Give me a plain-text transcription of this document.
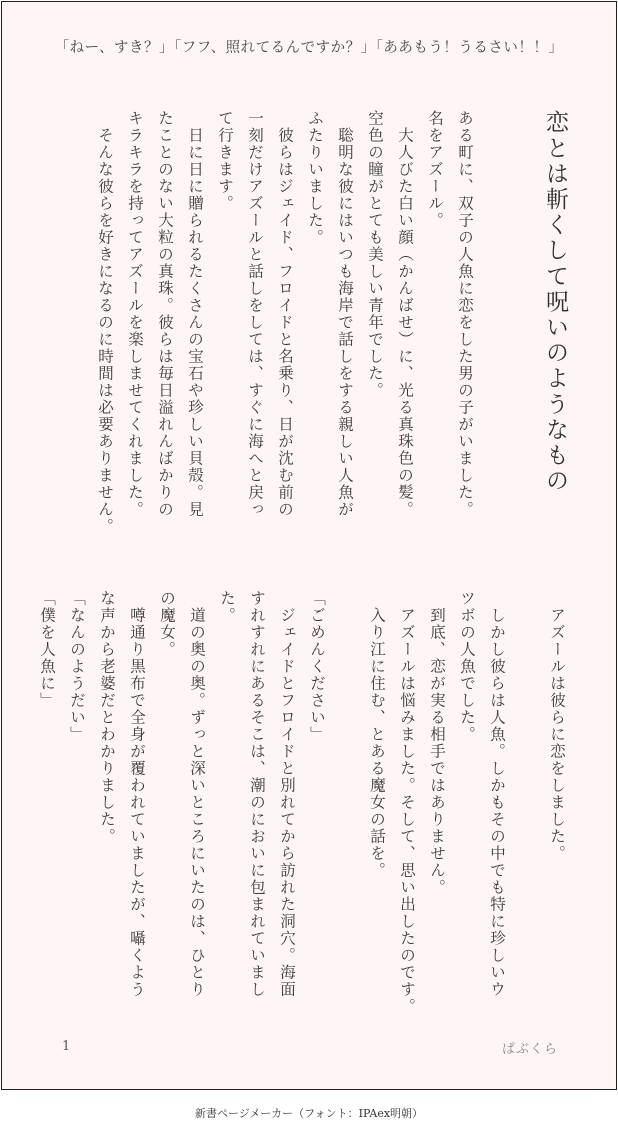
「ねー、すき？」「フフ、照れてるんですか？」「ああもう！うるさい！！」
恋とは斬くして呪いのようなもの
ある町に、双子の人魚に恋をした男の子がいました。
名をアズール。
　大人びた白い顔（かんばせ）に、光る真珠色の髪。
空色の瞳がとても美しい青年でした。
　聡明な彼にはいつも海岸で話しをする親しい人魚が
ふたりいました。
　彼らはジェイド、フロイドと名乗り、日が沈む前の
一刻だけアズールと話しをしては、すぐに海へと戻っ
て行きます。
　日に日に贈られるたくさんの宝石や珍しい貝殻。見
たことのない大粒の真珠。彼らは毎日溢れんばかりの
キラキラを持ってアズールを楽しませてくれました。
　そんな彼らを好きになるのに時間は必要ありません。
　アズールは彼らに恋をしました。
　しかし彼らは人魚。しかもその中でも特に珍しいウ
ツボの人魚でした。
　到底、恋が実る相手ではありません。
　アズールは悩みました。そして、思い出したのです。
　入り江に住む、とある魔女の話を。
「ごめんください」
　ジェイドとフロイドと別れてから訪れた洞穴。海面
すれすれにあるそこは、潮のにおいに包まれていまし
た。
　道の奥の奥。ずっと深いところにいたのは、ひとり
の魔女。
　噂通り黒布で全身が覆われていましたが、囁くよう
な声から老婆だとわかりました。
「なんのようだい」
「僕を人魚に」
1	ぱぶくら
新書ページメーカー（フォント：IPAex明朝）
